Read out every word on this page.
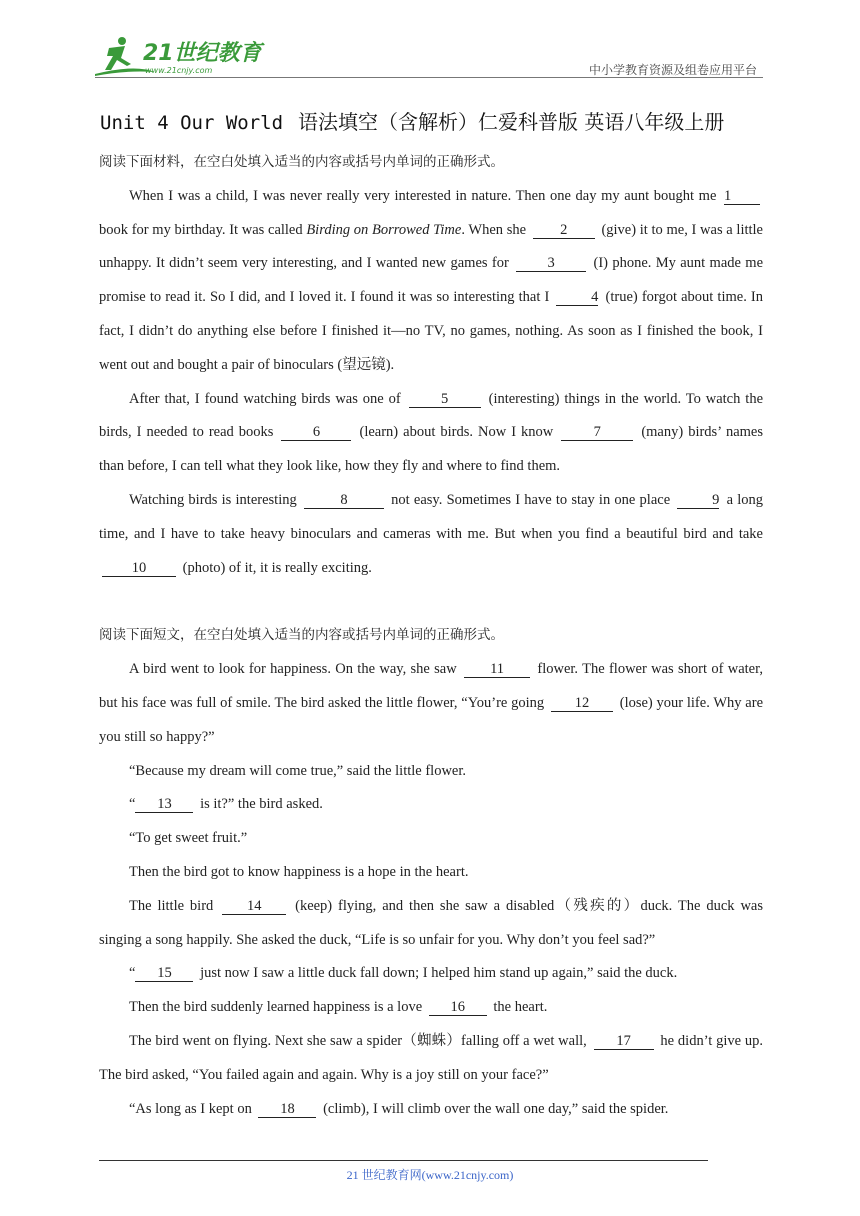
21世纪教育
www.21cnjy.com	中小学教育资源及组卷应用平台
Unit 4 Our World 语法填空（含解析）仁爱科普版 英语八年级上册

阅读下面材料，在空白处填入适当的内容或括号内单词的正确形式。

When I was a child, I was never really very interested in nature. Then one day my aunt bought me 1 book for my birthday. It was called Birding on Borrowed Time. When she 2 (give) it to me, I was a little unhappy. It didn’t seem very interesting, and I wanted new games for	3	(I) phone. My aunt made me promise to read it. So I did, and I loved it. I found it was so interesting that I	4 (true) forgot about time. In fact, I didn’t do anything else before I finished it—no TV, no games, nothing. As soon as I finished the book, I went out and bought a pair of binoculars (望远镜).

After that, I found watching birds was one of	5	(interesting) things in the world. To watch the birds, I needed to read books	6	(learn) about birds. Now I know	7	(many) birds’ names than before, I can tell what they look like, how they fly and where to find them.

Watching birds is interesting	8	not easy. Sometimes I have to stay in one place	9 a long time, and I have to take heavy binoculars and cameras with me. But when you find a beautiful bird and take 10	(photo) of it, it is really exciting.

阅读下面短文，在空白处填入适当的内容或括号内单词的正确形式。

A bird went to look for happiness. On the way, she saw 11 flower. The flower was short of water, but his face was full of smile. The bird asked the little flower, “You’re going 12 (lose) your life. Why are you still so happy?”

“Because my dream will come true,” said the little flower.

“ 13 is it?” the bird asked.

“To get sweet fruit.”

Then the bird got to know happiness is a hope in the heart.

The little bird 14 (keep) flying, and then she saw a disabled（残疾的）duck. The duck was singing a song happily. She asked the duck, “Life is so unfair for you. Why don’t you feel sad?”

“ 15 just now I saw a little duck fall down; I helped him stand up again,” said the duck.

Then the bird suddenly learned happiness is a love 16 the heart.

The bird went on flying. Next she saw a spider（蜘蛛）falling off a wet wall, 17 he didn’t give up. The bird asked, “You failed again and again. Why is a joy still on your face?”

“As long as I kept on 18 (climb), I will climb over the wall one day,” said the spider.

21 世纪教育网(www.21cnjy.com)
